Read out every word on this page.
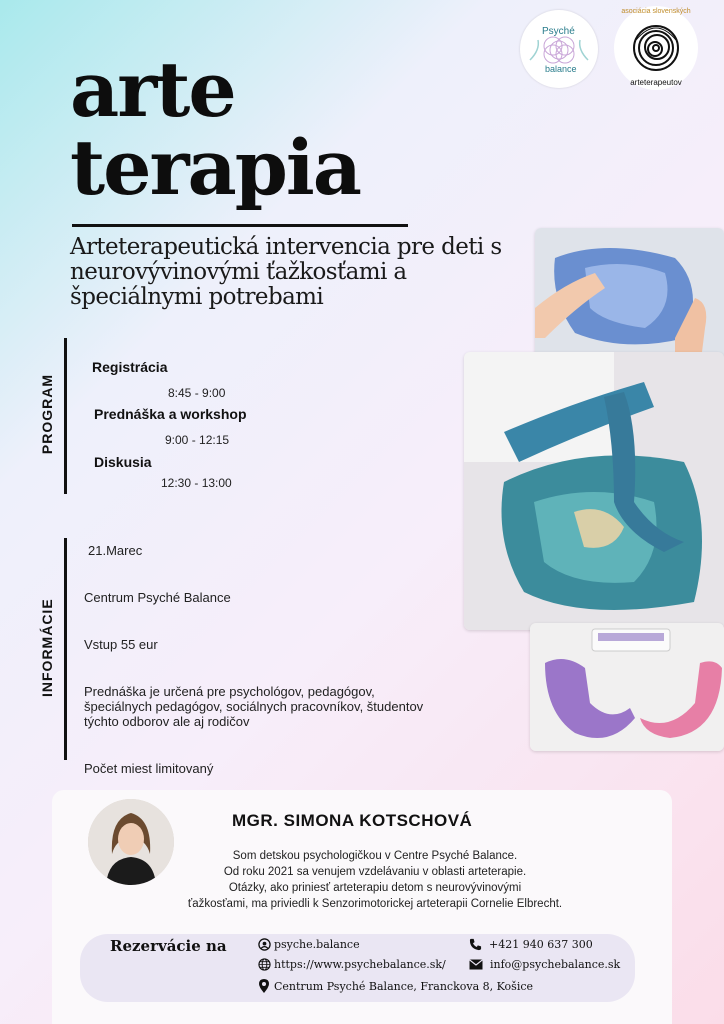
Psyché
balance
asociácia slovenských
arteterapeutov
arte
terapia
Arteterapeutická intervencia pre deti s neurovývinovými ťažkosťami a špeciálnymi potrebami
PROGRAM
Registrácia
8:45 - 9:00
Prednáška a workshop
9:00 - 12:15
Diskusia
12:30 - 13:00
INFORMÁCIE
21.Marec
Centrum Psyché Balance
Vstup 55 eur
Prednáška je určená pre psychológov, pedagógov, špeciálnych pedagógov, sociálnych pracovníkov, študentov týchto odborov ale aj rodičov
Počet miest limitovaný
MGR. SIMONA KOTSCHOVÁ
Som detskou psychologičkou v Centre Psyché Balance.
Od roku 2021 sa venujem vzdelávaniu v oblasti arteterapie.
Otázky, ako priniesť arteterapiu detom s neurovývinovými
ťažkosťami, ma priviedli k Senzorimotorickej arteterapii Cornelie Elbrecht.
Rezervácie na	psyche.balance
https://www.psychebalance.sk/
Centrum Psyché Balance, Franckova 8, Košice
+421 940 637 300
info@psychebalance.sk
